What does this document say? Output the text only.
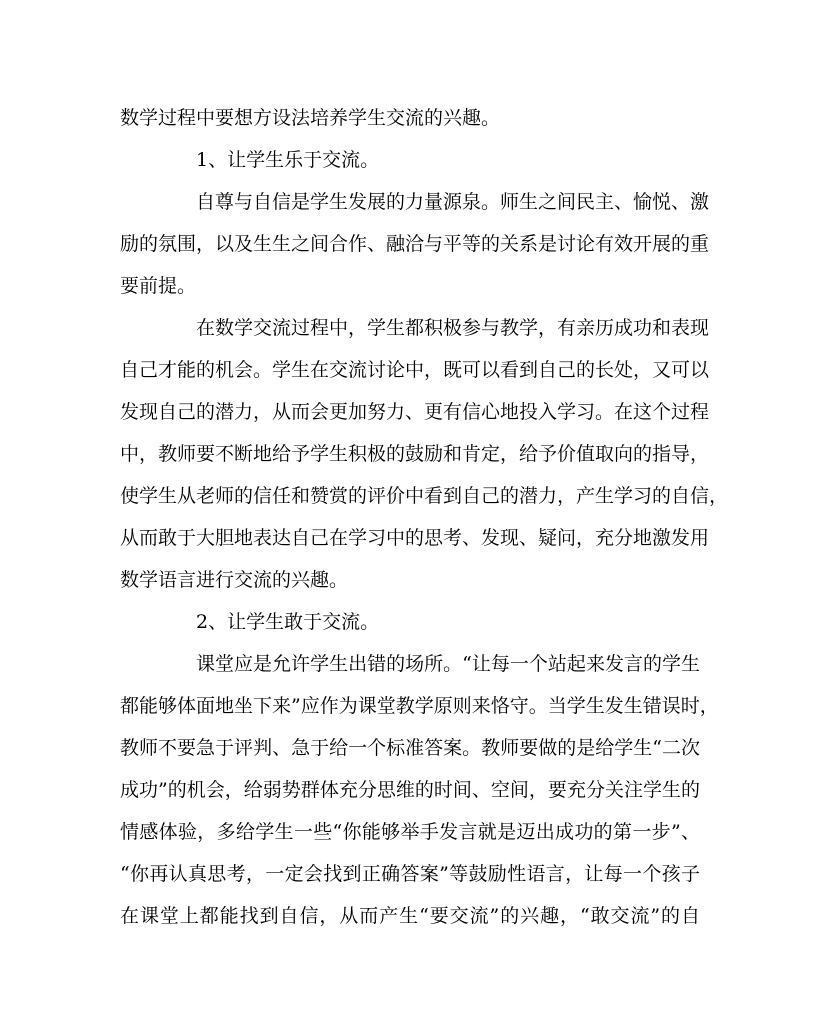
数学过程中要想方设法培养学生交流的兴趣。
1、让学生乐于交流。
自尊与自信是学生发展的力量源泉。师生之间民主、愉悦、激
励的氛围，以及生生之间合作、融洽与平等的关系是讨论有效开展的重
要前提。
在数学交流过程中，学生都积极参与教学，有亲历成功和表现
自己才能的机会。学生在交流讨论中，既可以看到自己的长处，又可以
发现自己的潜力，从而会更加努力、更有信心地投入学习。在这个过程
中，教师要不断地给予学生积极的鼓励和肯定，给予价值取向的指导，
使学生从老师的信任和赞赏的评价中看到自己的潜力，产生学习的自信，
从而敢于大胆地表达自己在学习中的思考、发现、疑问，充分地激发用
数学语言进行交流的兴趣。
2、让学生敢于交流。
课堂应是允许学生出错的场所。“让每一个站起来发言的学生
都能够体面地坐下来”应作为课堂教学原则来恪守。当学生发生错误时，
教师不要急于评判、急于给一个标准答案。教师要做的是给学生“二次
成功”的机会，给弱势群体充分思维的时间、空间，要充分关注学生的
情感体验，多给学生一些“你能够举手发言就是迈出成功的第一步”、
“你再认真思考，一定会找到正确答案”等鼓励性语言，让每一个孩子
在课堂上都能找到自信，从而产生“要交流”的兴趣，“敢交流”的自
